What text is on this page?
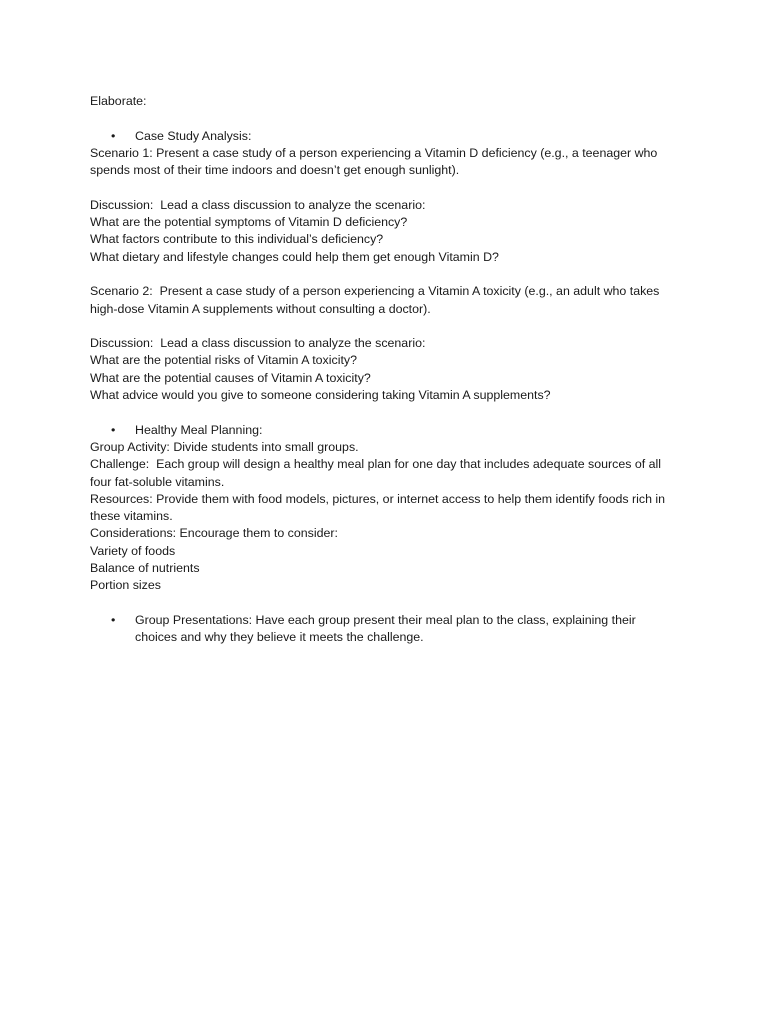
Elaborate:

• Case Study Analysis:

Scenario 1: Present a case study of a person experiencing a Vitamin D deficiency (e.g., a teenager who spends most of their time indoors and doesn’t get enough sunlight).

Discussion:  Lead a class discussion to analyze the scenario:

What are the potential symptoms of Vitamin D deficiency?

What factors contribute to this individual’s deficiency?

What dietary and lifestyle changes could help them get enough Vitamin D?

Scenario 2:  Present a case study of a person experiencing a Vitamin A toxicity (e.g., an adult who takes high-dose Vitamin A supplements without consulting a doctor).

Discussion:  Lead a class discussion to analyze the scenario:

What are the potential risks of Vitamin A toxicity?

What are the potential causes of Vitamin A toxicity?

What advice would you give to someone considering taking Vitamin A supplements?

• Healthy Meal Planning:

Group Activity: Divide students into small groups.

Challenge:  Each group will design a healthy meal plan for one day that includes adequate sources of all four fat-soluble vitamins.

Resources: Provide them with food models, pictures, or internet access to help them identify foods rich in these vitamins.

Considerations: Encourage them to consider:

Variety of foods

Balance of nutrients

Portion sizes

• Group Presentations: Have each group present their meal plan to the class, explaining their choices and why they believe it meets the challenge.
